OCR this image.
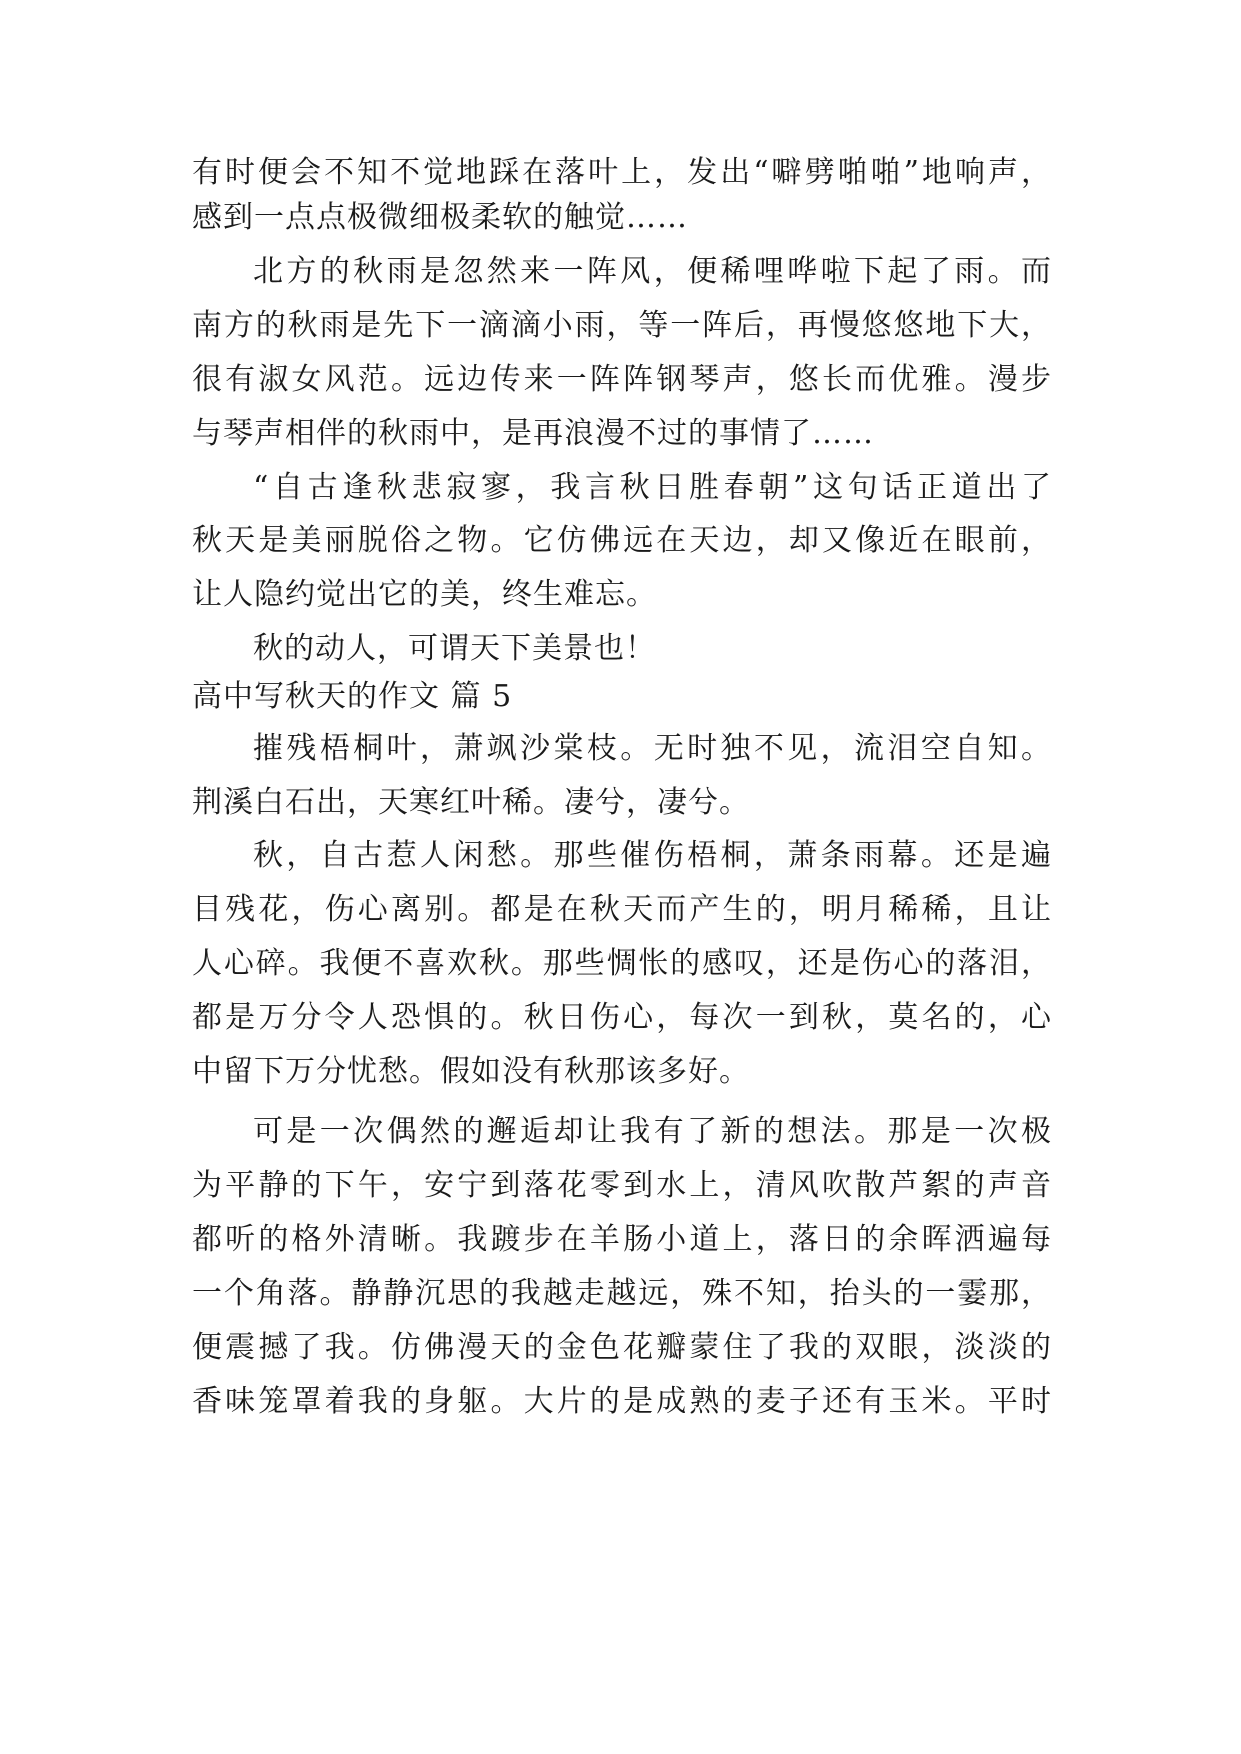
有时便会不知不觉地踩在落叶上，发出“噼劈啪啪”地响声，
感到一点点极微细极柔软的触觉……
北方的秋雨是忽然来一阵风，便稀哩哗啦下起了雨。而
南方的秋雨是先下一滴滴小雨，等一阵后，再慢悠悠地下大，
很有淑女风范。远边传来一阵阵钢琴声，悠长而优雅。漫步
与琴声相伴的秋雨中，是再浪漫不过的事情了……
“自古逢秋悲寂寥，我言秋日胜春朝”这句话正道出了
秋天是美丽脱俗之物。它仿佛远在天边，却又像近在眼前，
让人隐约觉出它的美，终生难忘。
秋的动人，可谓天下美景也！
高中写秋天的作文 篇 5
摧残梧桐叶，萧飒沙棠枝。无时独不见，流泪空自知。
荆溪白石出，天寒红叶稀。凄兮，凄兮。
秋，自古惹人闲愁。那些催伤梧桐，萧条雨幕。还是遍
目残花，伤心离别。都是在秋天而产生的，明月稀稀，且让
人心碎。我便不喜欢秋。那些惆怅的感叹，还是伤心的落泪，
都是万分令人恐惧的。秋日伤心，每次一到秋，莫名的，心
中留下万分忧愁。假如没有秋那该多好。
可是一次偶然的邂逅却让我有了新的想法。那是一次极
为平静的下午，安宁到落花零到水上，清风吹散芦絮的声音
都听的格外清晰。我踱步在羊肠小道上，落日的余晖洒遍每
一个角落。静静沉思的我越走越远，殊不知，抬头的一霎那，
便震撼了我。仿佛漫天的金色花瓣蒙住了我的双眼，淡淡的
香味笼罩着我的身躯。大片的是成熟的麦子还有玉米。平时
